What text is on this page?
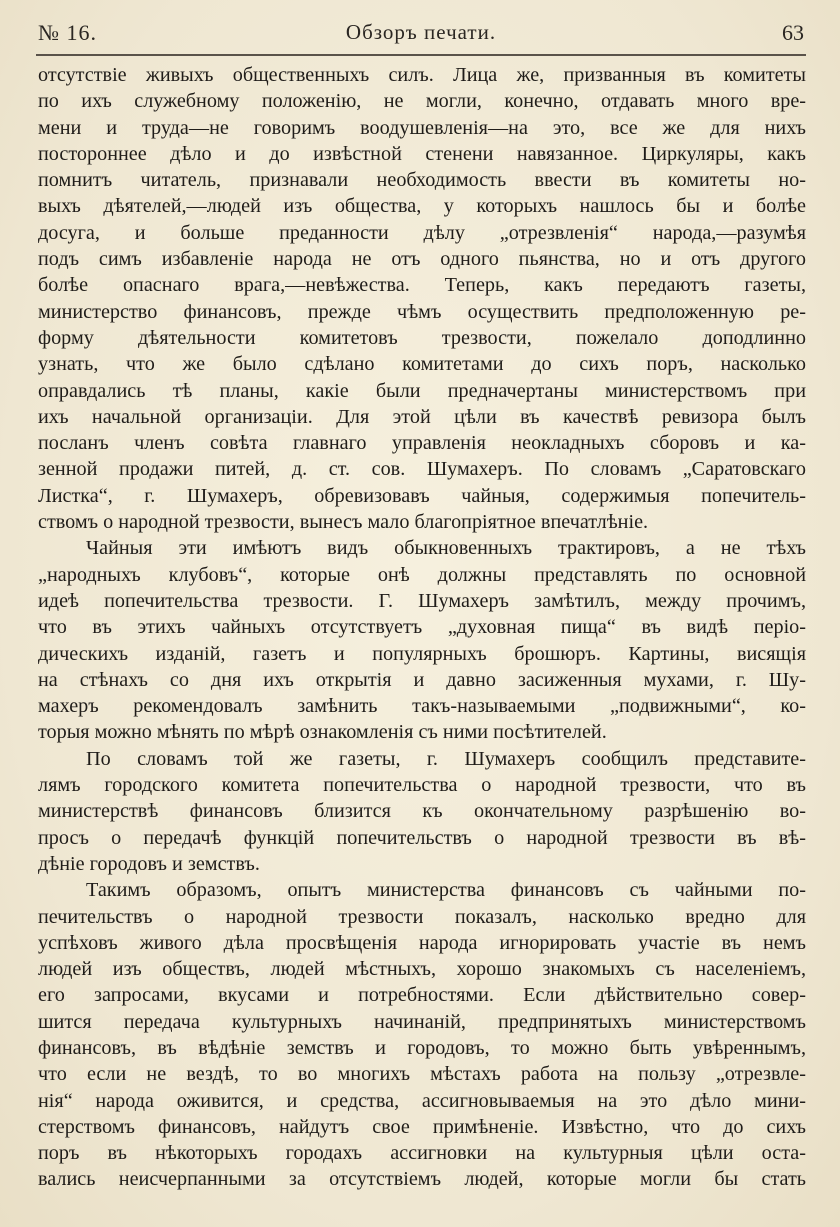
№ 16.	Обзоръ печати.	63
отсутствіе живыхъ общественныхъ силъ. Лица же, призванныя въ комитеты
по ихъ служебному положенію, не могли, конечно, отдавать много вре-
мени и труда—не говоримъ воодушевленія—на это, все же для нихъ
постороннее дѣло и до извѣстной стенени навязанное. Циркуляры, какъ
помнитъ читатель, признавали необходимость ввести въ комитеты но-
выхъ дѣятелей,—людей изъ общества, у которыхъ нашлось бы и болѣе
досуга, и больше преданности дѣлу „отрезвленія“ народа,—разумѣя
подъ симъ избавленіе народа не отъ одного пьянства, но и отъ другого
болѣе опаснаго врага,—невѣжества. Теперь, какъ передаютъ газеты,
министерство финансовъ, прежде чѣмъ осуществить предположенную ре-
форму дѣятельности комитетовъ трезвости, пожелало доподлинно
узнать, что же было сдѣлано комитетами до сихъ поръ, насколько
оправдались тѣ планы, какіе были предначертаны министерствомъ при
ихъ начальной организаціи. Для этой цѣли въ качествѣ ревизора былъ
посланъ членъ совѣта главнаго управленія неокладныхъ сборовъ и ка-
зенной продажи питей, д. ст. сов. Шумахеръ. По словамъ „Саратовскаго
Листка“, г. Шумахеръ, обревизовавъ чайныя, содержимыя попечитель-
ствомъ о народной трезвости, вынесъ мало благопріятное впечатлѣніе.
Чайныя эти имѣютъ видъ обыкновенныхъ трактировъ, а не тѣхъ
„народныхъ клубовъ“, которые онѣ должны представлять по основной
идеѣ попечительства трезвости. Г. Шумахеръ замѣтилъ, между прочимъ,
что въ этихъ чайныхъ отсутствуетъ „духовная пища“ въ видѣ періо-
дическихъ изданій, газетъ и популярныхъ брошюръ. Картины, висящія
на стѣнахъ со дня ихъ открытія и давно засиженныя мухами, г. Шу-
махеръ рекомендовалъ замѣнить такъ-называемыми „подвижными“, ко-
торыя можно мѣнять по мѣрѣ ознакомленія съ ними посѣтителей.
По словамъ той же газеты, г. Шумахеръ сообщилъ представите-
лямъ городского комитета попечительства о народной трезвости, что въ
министерствѣ финансовъ близится къ окончательному разрѣшенію во-
просъ о передачѣ функцій попечительствъ о народной трезвости въ вѣ-
дѣніе городовъ и земствъ.
Такимъ образомъ, опытъ министерства финансовъ съ чайными по-
печительствъ о народной трезвости показалъ, насколько вредно для
успѣховъ живого дѣла просвѣщенія народа игнорировать участіе въ немъ
людей изъ обществъ, людей мѣстныхъ, хорошо знакомыхъ съ населеніемъ,
его запросами, вкусами и потребностями. Если дѣйствительно совер-
шится передача культурныхъ начинаній, предпринятыхъ министерствомъ
финансовъ, въ вѣдѣніе земствъ и городовъ, то можно быть увѣреннымъ,
что если не вездѣ, то во многихъ мѣстахъ работа на пользу „отрезвле-
нія“ народа оживится, и средства, ассигновываемыя на это дѣло мини-
стерствомъ финансовъ, найдутъ свое примѣненіе. Извѣстно, что до сихъ
поръ въ нѣкоторыхъ городахъ ассигновки на культурныя цѣли оста-
вались неисчерпанными за отсутствіемъ людей, которые могли бы стать
